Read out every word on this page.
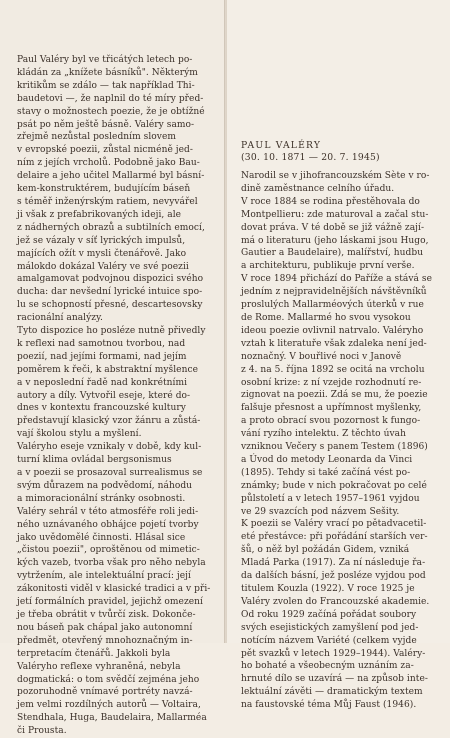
Paul Valéry byl ve třicátých letech po-
kládán za „knížete básníků". Některým
kritikům se zdálo — tak například Thi-
baudetovi —, že naplnil do té míry před-
stavy o možnostech poezie, že je obtížné
psát po něm ještě básně. Valéry samo-
zřejmě nezůstal posledním slovem
v evropské poezii, zůstal nicméně jed-
ním z jejích vrcholů. Podobně jako Bau-
delaire a jeho učitel Mallarmé byl básní-
kem-konstruktérem, budujícím báseň
s téměř inženýrským ratiem, nevyvářel
ji však z prefabrikovaných ideji, ale
z nádherných obrazů a subtilních emocí,
jež se vázaly v síť lyrických impulsů,
majících ožít v mysli čtenářově. Jako
málokdo dokázal Valéry ve své poezii
amalgamovat podvojnou dispozici svého
ducha: dar nevšední lyrické intuice spo-
lu se schopností přesné, descartesovsky
racionální analýzy.
Tyto dispozice ho posléze nutně přivedly
k reflexi nad samotnou tvorbou, nad
poezií, nad jejími formami, nad jejím
poměrem k řeči, k abstraktní myšlence
a v neposlední řadě nad konkrétními
autory a díly. Vytvořil eseje, které do-
dnes v kontextu francouzské kultury
představují klasický vzor žánru a zůstá-
vají školou stylu a myšlení.
Valéryho eseje vznikaly v době, kdy kul-
turní klima ovládal bergsonismus
a v poezii se prosazoval surrealismus se
svým důrazem na podvědomí, náhodu
a mimoracionální stránky osobnosti.
Valéry sehrál v této atmosféře roli jedi-
ného uznávaného obhájce pojetí tvorby
jako uvědomělé činnosti. Hlásal sice
„čistou poezii", oproštěnou od mimetic-
kých vazeb, tvorba však pro něho nebyla
vytržením, ale intelektuální prací: její
zákonitosti viděl v klasické tradici a v při-
jetí formálních pravidel, jejichž omezení
je třeba obrátit v tvůrčí zisk. Dokonče-
nou báseň pak chápal jako autonomní
předmět, otevřený mnohoznačným in-
terpretacím čtenářů. Jakkoli byla
Valéryho reflexe vyhraněná, nebyla
dogmatická: o tom svědčí zejména jeho
pozoruhodně vnímavé portréty navzá-
jem velmi rozdílných autorů — Voltaira,
Stendhala, Huga, Baudelaira, Mallarméa
či Prousta.
PAUL VALÉRY
(30. 10. 1871 — 20. 7. 1945)
Narodil se v jihofrancouzském Sète v ro-
dině zaměstnance celního úřadu.
V roce 1884 se rodina přestěhovala do
Montpellieru: zde maturoval a začal stu-
dovat práva. V té době se již vážně zají-
má o literaturu (jeho láskami jsou Hugo,
Gautier a Baudelaire), malířství, hudbu
a architekturu, publikuje první verše.
V roce 1894 přichází do Paříže a stává se
jedním z nejpravidelnějších návštěvníků
proslulých Mallarméových úterků v rue
de Rome. Mallarmé ho svou vysokou
ideou poezie ovlivnil natrvalo. Valéryho
vztah k literatuře však zdaleka není jed-
noznačný. V bouřlivé noci v Janově
z 4. na 5. října 1892 se ocitá na vrcholu
osobní krize: z ní vzejde rozhodnutí re-
zignovat na poezii. Zdá se mu, že poezie
falšuje přesnost a upřímnost myšlenky,
a proto obrací svou pozornost k fungo-
vání ryzího intelektu. Z těchto úvah
vzniknou Večery s panem Testem (1896)
a Úvod do metody Leonarda da Vinci
(1895). Tehdy si také začíná vést po-
známky; bude v nich pokračovat po celé
půlstoletí a v letech 1957–1961 vyjdou
ve 29 svazcích pod názvem Sešity.
K poezii se Valéry vrací po pětadvacetil-
eté přestávce: při pořádání starších ver-
šů, o něž byl požádán Gidem, vzniká
Mladá Parka (1917). Za ní následuje řa-
da dalších básní, jež posléze vyjdou pod
titulem Kouzla (1922). V roce 1925 je
Valéry zvolen do Francouzské akademie.
Od roku 1929 začíná pořádat soubory
svých esejistických zamyšlení pod jed-
notícím názvem Variété (celkem vyjde
pět svazků v letech 1929–1944). Valéry-
ho bohaté a všeobecným uznáním za-
hrnuté dílo se uzavírá — na způsob inte-
lektuální závěti — dramatickým textem
na faustovské téma Můj Faust (1946).
